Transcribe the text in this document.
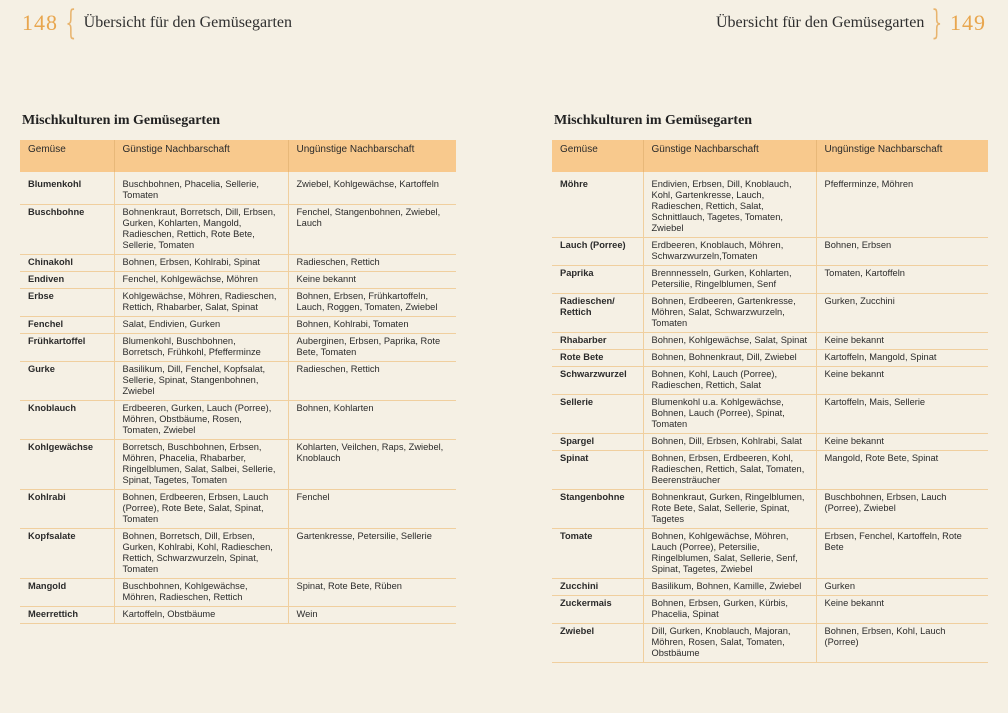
148 { Übersicht für den Gemüsegarten
Mischkulturen im Gemüsegarten
Gemüse	Günstige Nachbarschaft	Ungünstige Nachbarschaft
Blumenkohl	Buschbohnen, Phacelia, Sellerie, Tomaten	Zwiebel, Kohlgewächse, Kartoffeln
Buschbohne	Bohnenkraut, Borretsch, Dill, Erbsen, Gurken, Kohlarten, Mangold, Radieschen, Rettich, Rote Bete, Sellerie, Tomaten	Fenchel, Stangenbohnen, Zwiebel, Lauch
Chinakohl	Bohnen, Erbsen, Kohlrabi, Spinat	Radieschen, Rettich
Endiven	Fenchel, Kohlgewächse, Möhren	Keine bekannt
Erbse	Kohlgewächse, Möhren, Radieschen, Rettich, Rhabarber, Salat, Spinat	Bohnen, Erbsen, Frühkartoffeln, Lauch, Roggen, Tomaten, Zwiebel
Fenchel	Salat, Endivien, Gurken	Bohnen, Kohlrabi, Tomaten
Frühkartoffel	Blumenkohl, Buschbohnen, Borretsch, Frühkohl, Pfefferminze	Auberginen, Erbsen, Paprika, Rote Bete, Tomaten
Gurke	Basilikum, Dill, Fenchel, Kopfsalat, Sellerie, Spinat, Stangenbohnen, Zwiebel	Radieschen, Rettich
Knoblauch	Erdbeeren, Gurken, Lauch (Porree), Möhren, Obstbäume, Rosen, Tomaten, Zwiebel	Bohnen, Kohlarten
Kohlgewächse	Borretsch, Buschbohnen, Erbsen, Möhren, Phacelia, Rhabarber, Ringelblumen, Salat, Salbei, Sellerie, Spinat, Tagetes, Tomaten	Kohlarten, Veilchen, Raps, Zwiebel, Knoblauch
Kohlrabi	Bohnen, Erdbeeren, Erbsen, Lauch (Porree), Rote Bete, Salat, Spinat, Tomaten	Fenchel
Kopfsalate	Bohnen, Borretsch, Dill, Erbsen, Gurken, Kohlrabi, Kohl, Radieschen, Rettich, Schwarzwurzeln, Spinat, Tomaten	Gartenkresse, Petersilie, Sellerie
Mangold	Buschbohnen, Kohlgewächse, Möhren, Radieschen, Rettich	Spinat, Rote Bete, Rüben
Meerrettich	Kartoffeln, Obstbäume	Wein
Übersicht für den Gemüsegarten } 149
Mischkulturen im Gemüsegarten
Gemüse	Günstige Nachbarschaft	Ungünstige Nachbarschaft
Möhre	Endivien, Erbsen, Dill, Knoblauch, Kohl, Gartenkresse, Lauch, Radieschen, Rettich, Salat, Schnittlauch, Tagetes, Tomaten, Zwiebel	Pfefferminze, Möhren
Lauch (Porree)	Erdbeeren, Knoblauch, Möhren, Schwarzwurzeln,Tomaten	Bohnen, Erbsen
Paprika	Brennnesseln, Gurken, Kohlarten, Petersilie, Ringelblumen, Senf	Tomaten, Kartoffeln
Radieschen/ Rettich	Bohnen, Erdbeeren, Gartenkresse, Möhren, Salat, Schwarzwurzeln, Tomaten	Gurken, Zucchini
Rhabarber	Bohnen, Kohlgewächse, Salat, Spinat	Keine bekannt
Rote Bete	Bohnen, Bohnenkraut, Dill, Zwiebel	Kartoffeln, Mangold, Spinat
Schwarzwurzel	Bohnen, Kohl, Lauch (Porree), Radieschen, Rettich, Salat	Keine bekannt
Sellerie	Blumenkohl u.a. Kohlgewächse, Bohnen, Lauch (Porree), Spinat, Tomaten	Kartoffeln, Mais, Sellerie
Spargel	Bohnen, Dill, Erbsen, Kohlrabi, Salat	Keine bekannt
Spinat	Bohnen, Erbsen, Erdbeeren, Kohl, Radieschen, Rettich, Salat, Tomaten, Beerensträucher	Mangold, Rote Bete, Spinat
Stangenbohne	Bohnenkraut, Gurken, Ringelblumen, Rote Bete, Salat, Sellerie, Spinat, Tagetes	Buschbohnen, Erbsen, Lauch (Porree), Zwiebel
Tomate	Bohnen, Kohlgewächse, Möhren, Lauch (Porree), Petersilie, Ringelblumen, Salat, Sellerie, Senf, Spinat, Tagetes, Zwiebel	Erbsen, Fenchel, Kartoffeln, Rote Bete
Zucchini	Basilikum, Bohnen, Kamille, Zwiebel	Gurken
Zuckermais	Bohnen, Erbsen, Gurken, Kürbis, Phacelia, Spinat	Keine bekannt
Zwiebel	Dill, Gurken, Knoblauch, Majoran, Möhren, Rosen, Salat, Tomaten, Obstbäume	Bohnen, Erbsen, Kohl, Lauch (Porree)
